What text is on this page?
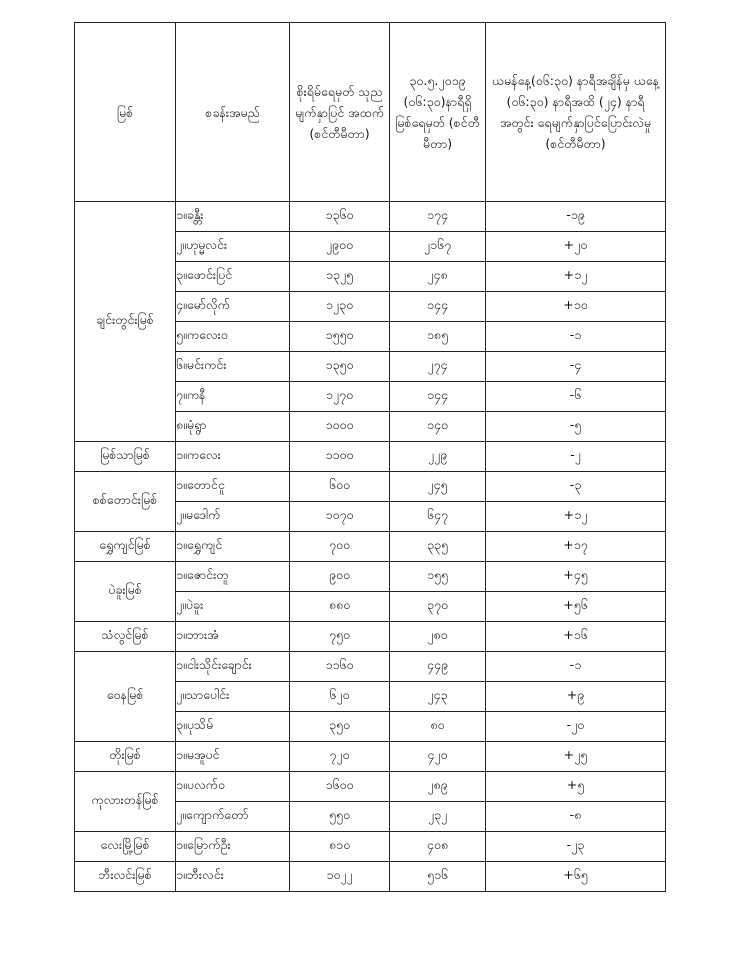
မြစ်	စခန်းအမည်	စိုးရိမ်ရေမှတ် သုည မျက်နှာပြင် အထက် (စင်တီမီတာ)	၃၀.၅.၂၀၁၉ (၀၆:၃၀)နာရီရှိ မြစ်ရေမှတ် (စင်တီမီတာ)	ယမန်နေ့(၀၆:၃၀) နာရီအချိန်မှ ယနေ့ (၀၆:၃၀) နာရီအထိ (၂၄) နာရီအတွင်း ရေမျက်နှာပြင်ပြောင်းလဲမှု (စင်တီမီတာ)

ချင်းတွင်းမြစ်	၁။ခန္တီး	၁၃၆၀	၁၇၄	-၁၉
	၂။ဟုမ္မလင်း	၂၉၀၀	၂၁၆၇	+၂၀
	၃။ဖောင်းပြင်	၁၃၂၅	၂၄၈	+၁၂
	၄။မော်လိုက်	၁၂၃၀	၁၄၄	+၁၀
	၅။ကလေးဝ	၁၅၅၀	၁၈၅	-၁
	၆။မင်းကင်း	၁၃၅၀	၂၇၄	-၄
	၇။ကနီ	၁၂၇၀	၁၄၄	-၆
	၈။မုံရွာ	၁၀၀၀	၁၄၀	-၅
မြစ်သာမြစ်	၁။ကလေး	၁၁၀၀	၂၂၉	-၂
စစ်တောင်းမြစ်	၁။တောင်ငူ	၆၀၀	၂၄၅	-၃
	၂။မဒေါက်	၁၀၇၀	၆၄၇	+၁၂
ရွှေကျင်မြစ်	၁။ရွှေကျင်	၇၀၀	၃၃၅	+၁၇
ပဲခူးမြစ်	၁။ဇောင်းတူ	၉၀၀	၁၅၅	+၄၅
	၂။ပဲခူး	၈၈၀	၃၇၀	+၅၆
သံလွင်မြစ်	၁။ဘားအံ	၇၅၀	၂၈၀	+၁၆
ဝေနမြစ်	၁။ငါးသိုင်းချောင်း	၁၁၆၀	၄၄၉	-၁
	၂။သာပေါင်း	၆၂၀	၂၄၃	+၉
	၃။ပုသိမ်	၃၅၀	၈၀	-၂၀
တိုးမြစ်	၁။မအူပင်	၇၂၀	၄၂၀	+၂၅
ကုလားတန်မြစ်	၁။ပလက်ဝ	၁၆၀၀	၂၈၉	+၅
	၂။ကျောက်တော်	၅၅၀	၂၃၂	-၈
လေးမြို့မြစ်	၁။မြောက်ဦး	၈၁၀	၄၀၈	-၂၃
ဘီးလင်းမြစ်	၁။ဘီးလင်း	၁၀၂၂	၅၁၆	+၆၅
